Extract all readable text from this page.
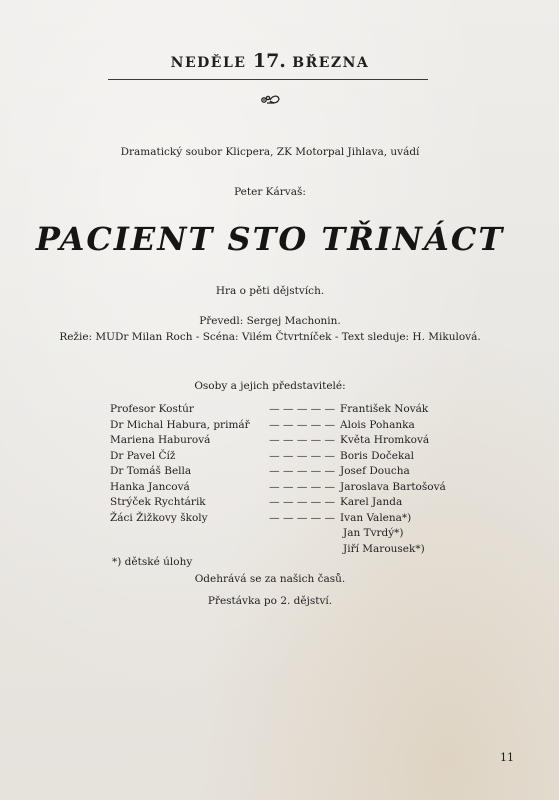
NEDĚLE 17. BŘEZNA
Dramatický soubor Klicpera, ZK Motorpal Jihlava, uvádí
Peter Kárvaš:
PACIENT STO TŘINÁCT
Hra o pěti dějstvích.
Převedl: Sergej Machonin.
Režie: MUDr Milan Roch - Scéna: Vilém Čtvrtníček - Text sleduje: H. Mikulová.
Osoby a jejich představitelé:
Profesor Kostúr	— — — — — František Novák
Dr Michal Habura, primář	— — — — — Alois Pohanka
Mariena Haburová	— — — — — Květa Hromková
Dr Pavel Číž	— — — — — Boris Dočekal
Dr Tomáš Bella	— — — — — Josef Doucha
Hanka Jancová	— — — — — Jaroslava Bartošová
Strýček Rychtárik	— — — — — Karel Janda
Žáci Žižkovy školy	— — — — — Ivan Valena*)
Jan Tvrdý*)
Jiří Marousek*)
*) dětské úlohy
Odehrává se za našich časů.
Přestávka po 2. dějství.
11
